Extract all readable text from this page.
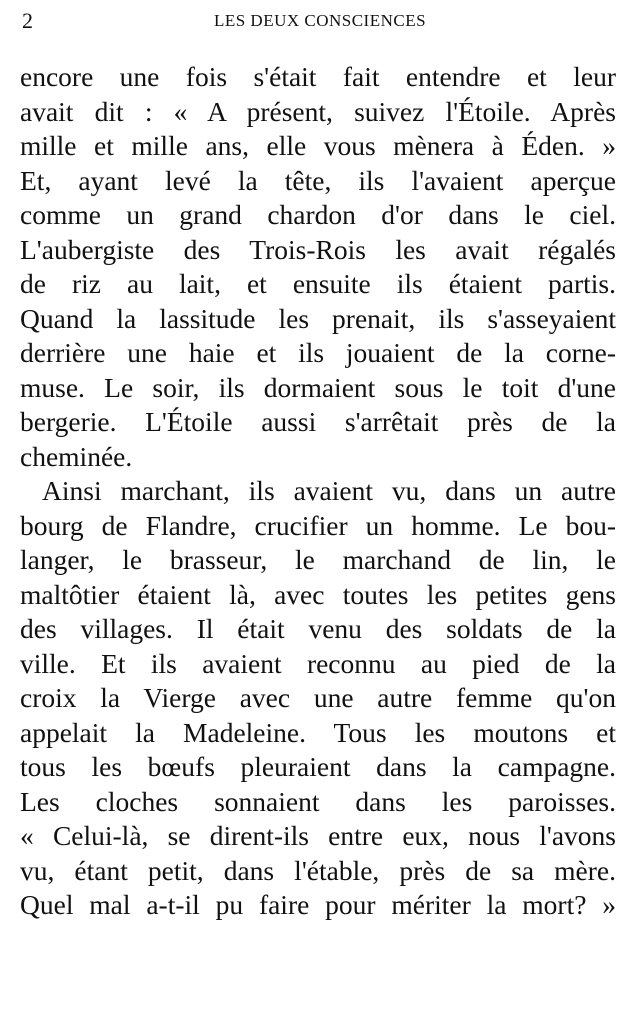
2	LES DEUX CONSCIENCES
encore une fois s'était fait entendre et leur
avait dit : « A présent, suivez l'Étoile. Après
mille et mille ans, elle vous mènera à Éden. »
Et, ayant levé la tête, ils l'avaient aperçue
comme un grand chardon d'or dans le ciel.
L'aubergiste des Trois-Rois les avait régalés
de riz au lait, et ensuite ils étaient partis.
Quand la lassitude les prenait, ils s'asseyaient
derrière une haie et ils jouaient de la corne-
muse. Le soir, ils dormaient sous le toit d'une
bergerie. L'Étoile aussi s'arrêtait près de la
cheminée.
Ainsi marchant, ils avaient vu, dans un autre
bourg de Flandre, crucifier un homme. Le bou-
langer, le brasseur, le marchand de lin, le
maltôtier étaient là, avec toutes les petites gens
des villages. Il était venu des soldats de la
ville. Et ils avaient reconnu au pied de la
croix la Vierge avec une autre femme qu'on
appelait la Madeleine. Tous les moutons et
tous les bœufs pleuraient dans la campagne.
Les cloches sonnaient dans les paroisses.
« Celui-là, se dirent-ils entre eux, nous l'avons
vu, étant petit, dans l'étable, près de sa mère.
Quel mal a-t-il pu faire pour mériter la mort? »
